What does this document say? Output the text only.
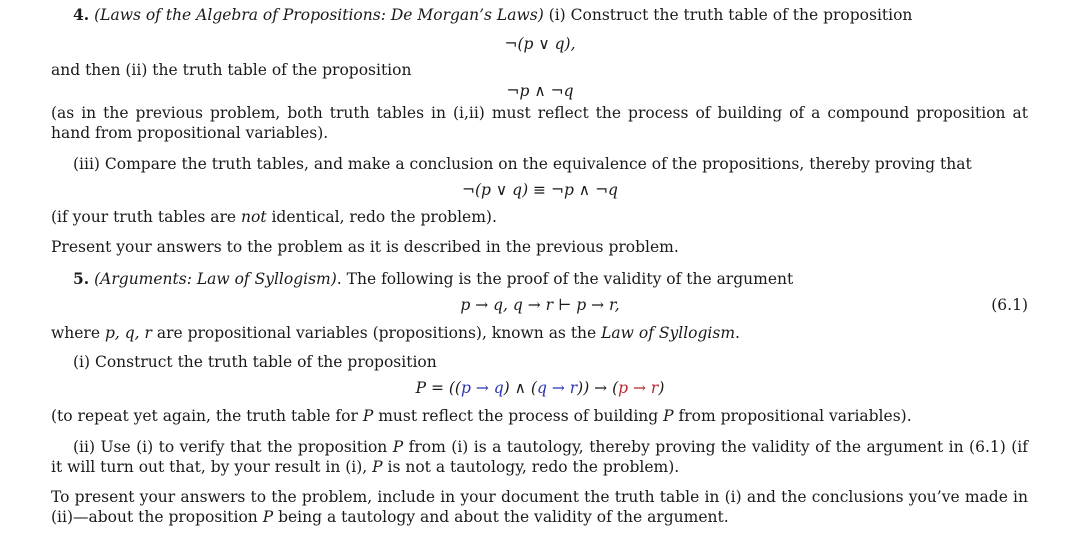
4. (Laws of the Algebra of Propositions: De Morgan’s Laws) (i) Construct the truth table of the proposition
¬(p ∨ q),
and then (ii) the truth table of the proposition
¬p ∧ ¬q
(as in the previous problem, both truth tables in (i,ii) must reflect the process of building of a compound proposition at hand from propositional variables).
(iii) Compare the truth tables, and make a conclusion on the equivalence of the propositions, thereby proving that
¬(p ∨ q) ≡ ¬p ∧ ¬q
(if your truth tables are not identical, redo the problem).
Present your answers to the problem as it is described in the previous problem.
5. (Arguments: Law of Syllogism). The following is the proof of the validity of the argument
p → q, q → r ⊢ p → r,	(6.1)
where p, q, r are propositional variables (propositions), known as the Law of Syllogism.
(i) Construct the truth table of the proposition
P = ((p → q) ∧ (q → r)) → (p → r)
(to repeat yet again, the truth table for P must reflect the process of building P from propositional variables).
(ii) Use (i) to verify that the proposition P from (i) is a tautology, thereby proving the validity of the argument in (6.1) (if it will turn out that, by your result in (i), P is not a tautology, redo the problem).
To present your answers to the problem, include in your document the truth table in (i) and the conclusions you’ve made in (ii)—about the proposition P being a tautology and about the validity of the argument.
